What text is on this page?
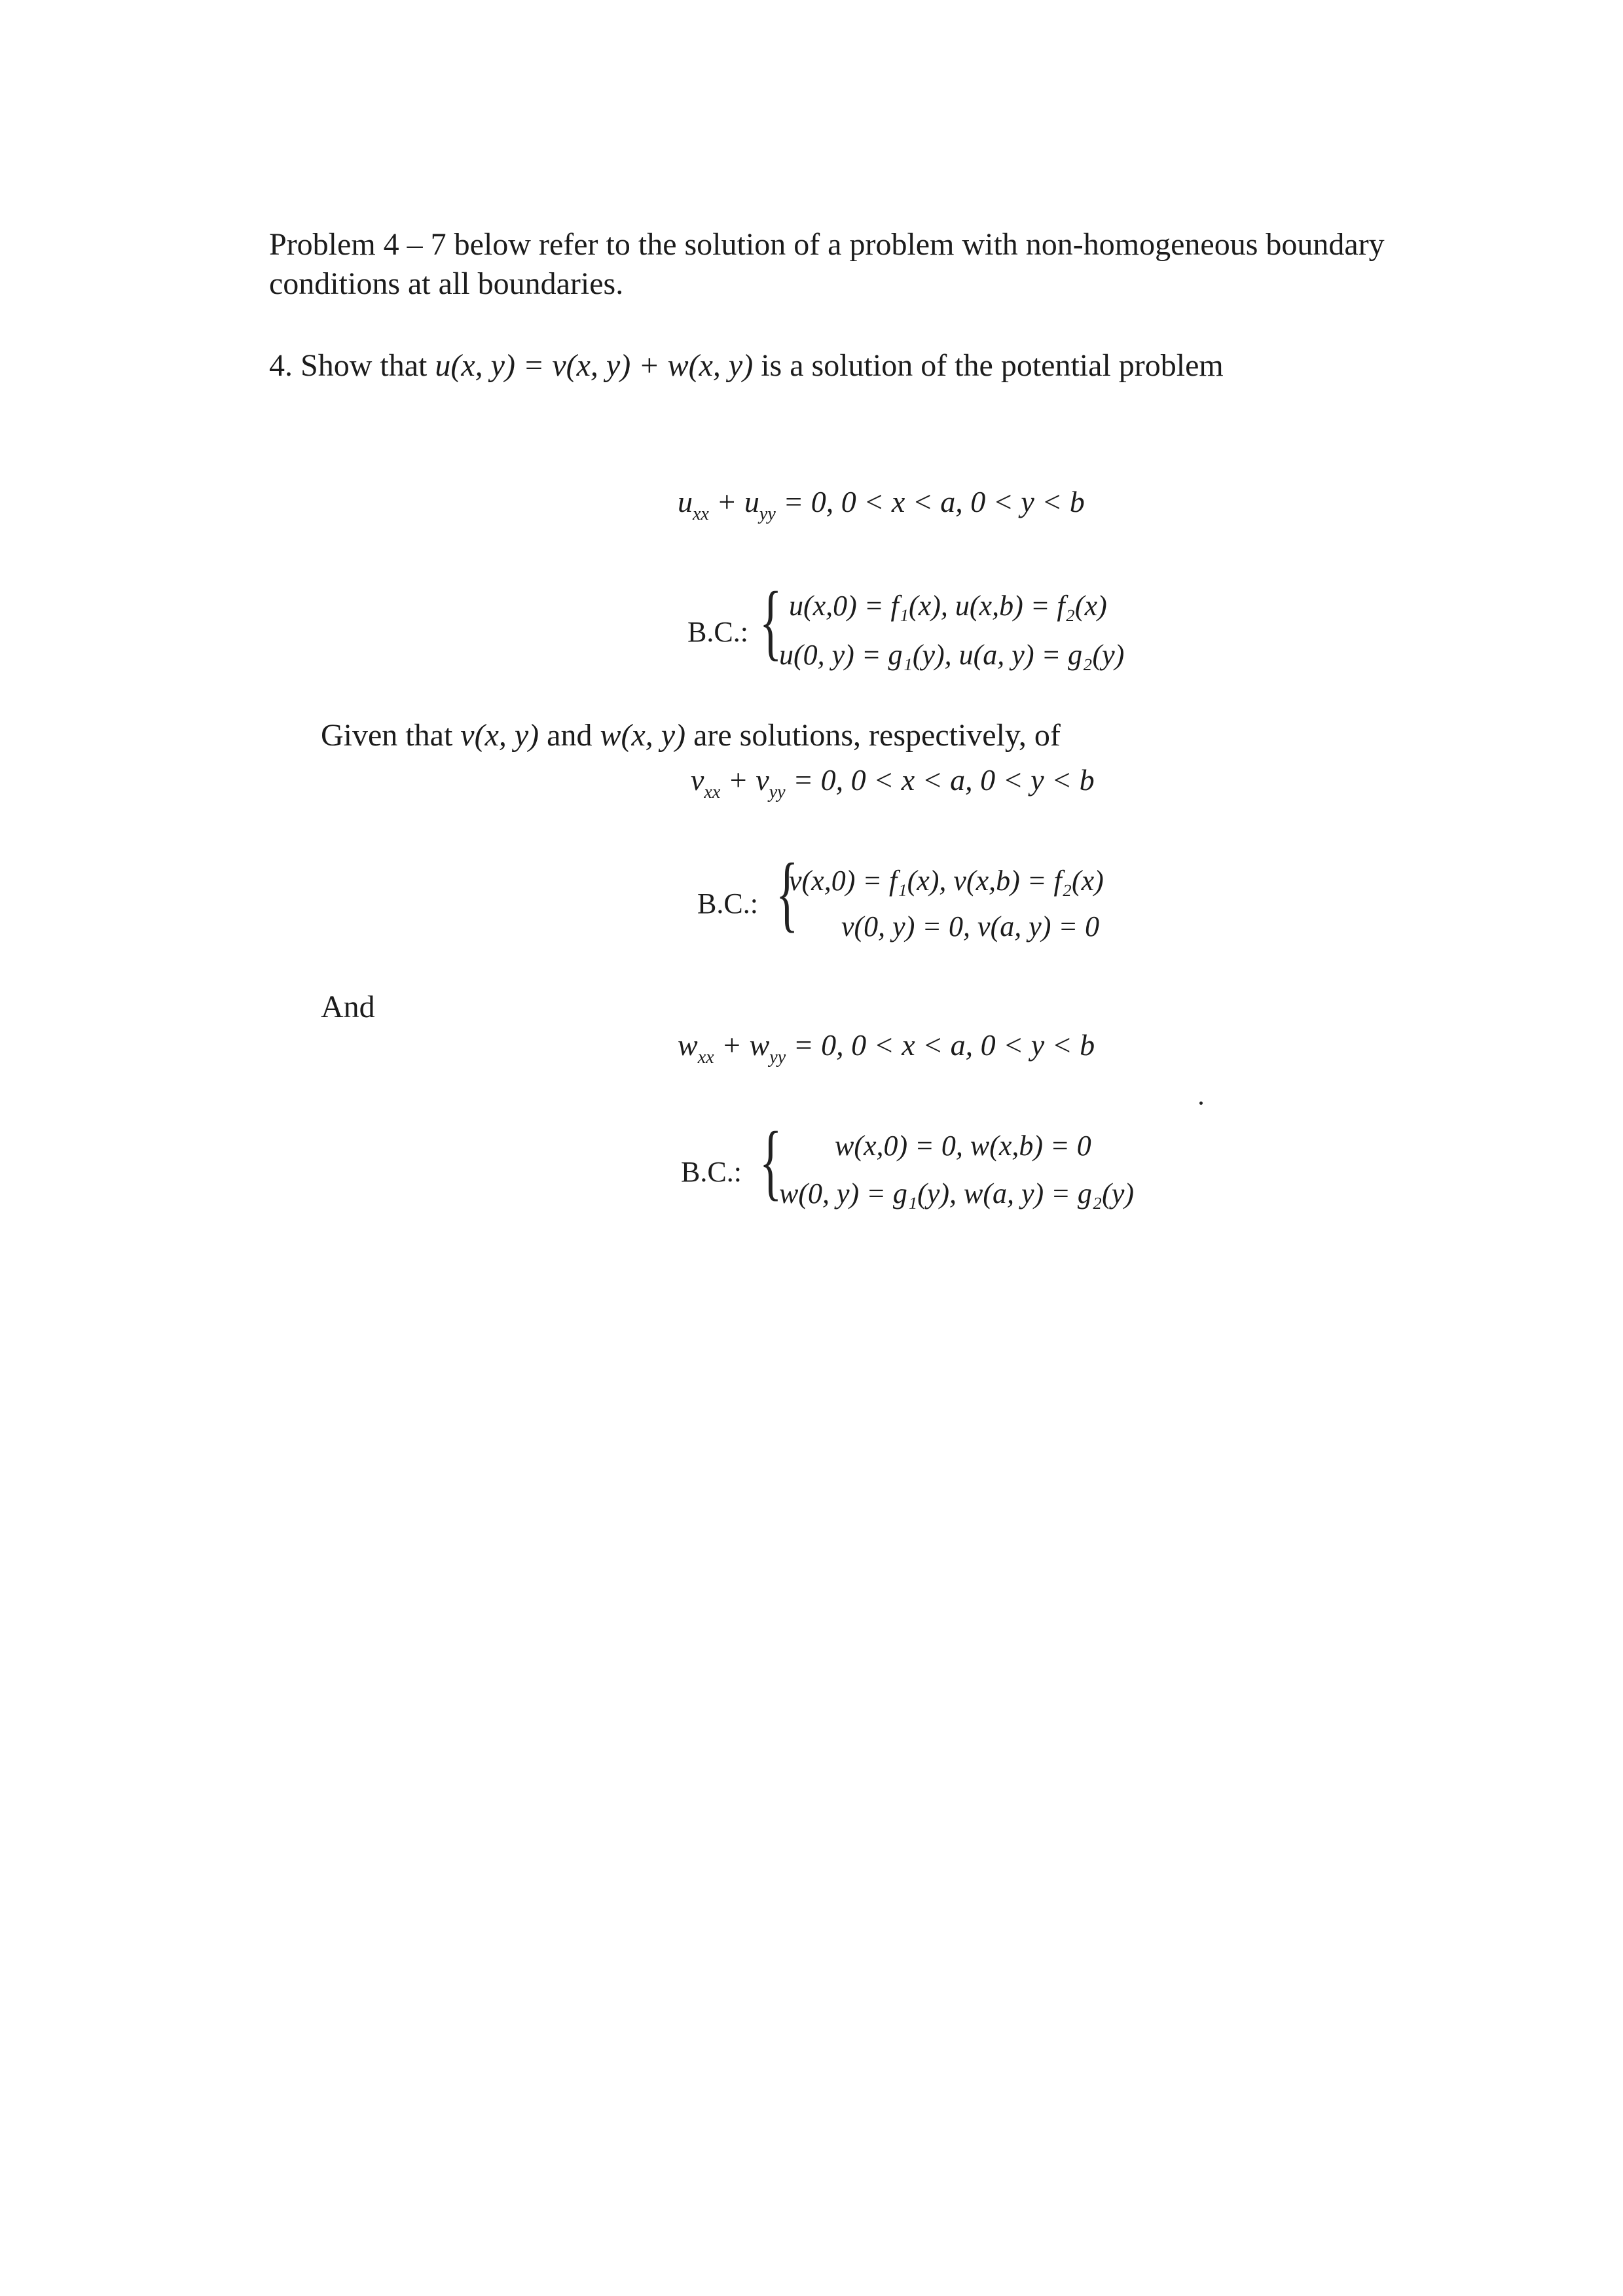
Problem 4 – 7 below refer to the solution of a problem with non-homogeneous boundary
conditions at all boundaries.
4. Show that u(x, y) = v(x, y) + w(x, y) is a solution of the potential problem
$u_{xx} + u_{yy} = 0$, 0 < x < a, 0 < y < b
B.C.: { u(x,0) = f₁(x), u(x,b) = f₂(x)
u(0, y) = g₁(y), u(a, y) = g₂(y)
Given that v(x, y) and w(x, y) are solutions, respectively, of
$v_{xx} + v_{yy} = 0$, 0 < x < a, 0 < y < b
B.C.: {
v(x,0) = f₁(x), v(x,b) = f₂(x)
v(0, y) = 0, v(a, y) = 0
And
$w_{xx} + w_{yy} = 0$, 0 < x < a, 0 < y < b
B.C.: { w(x,0) = 0, w(x,b) = 0
w(0, y) = g₁(y), w(a, y) = g₂(y)
